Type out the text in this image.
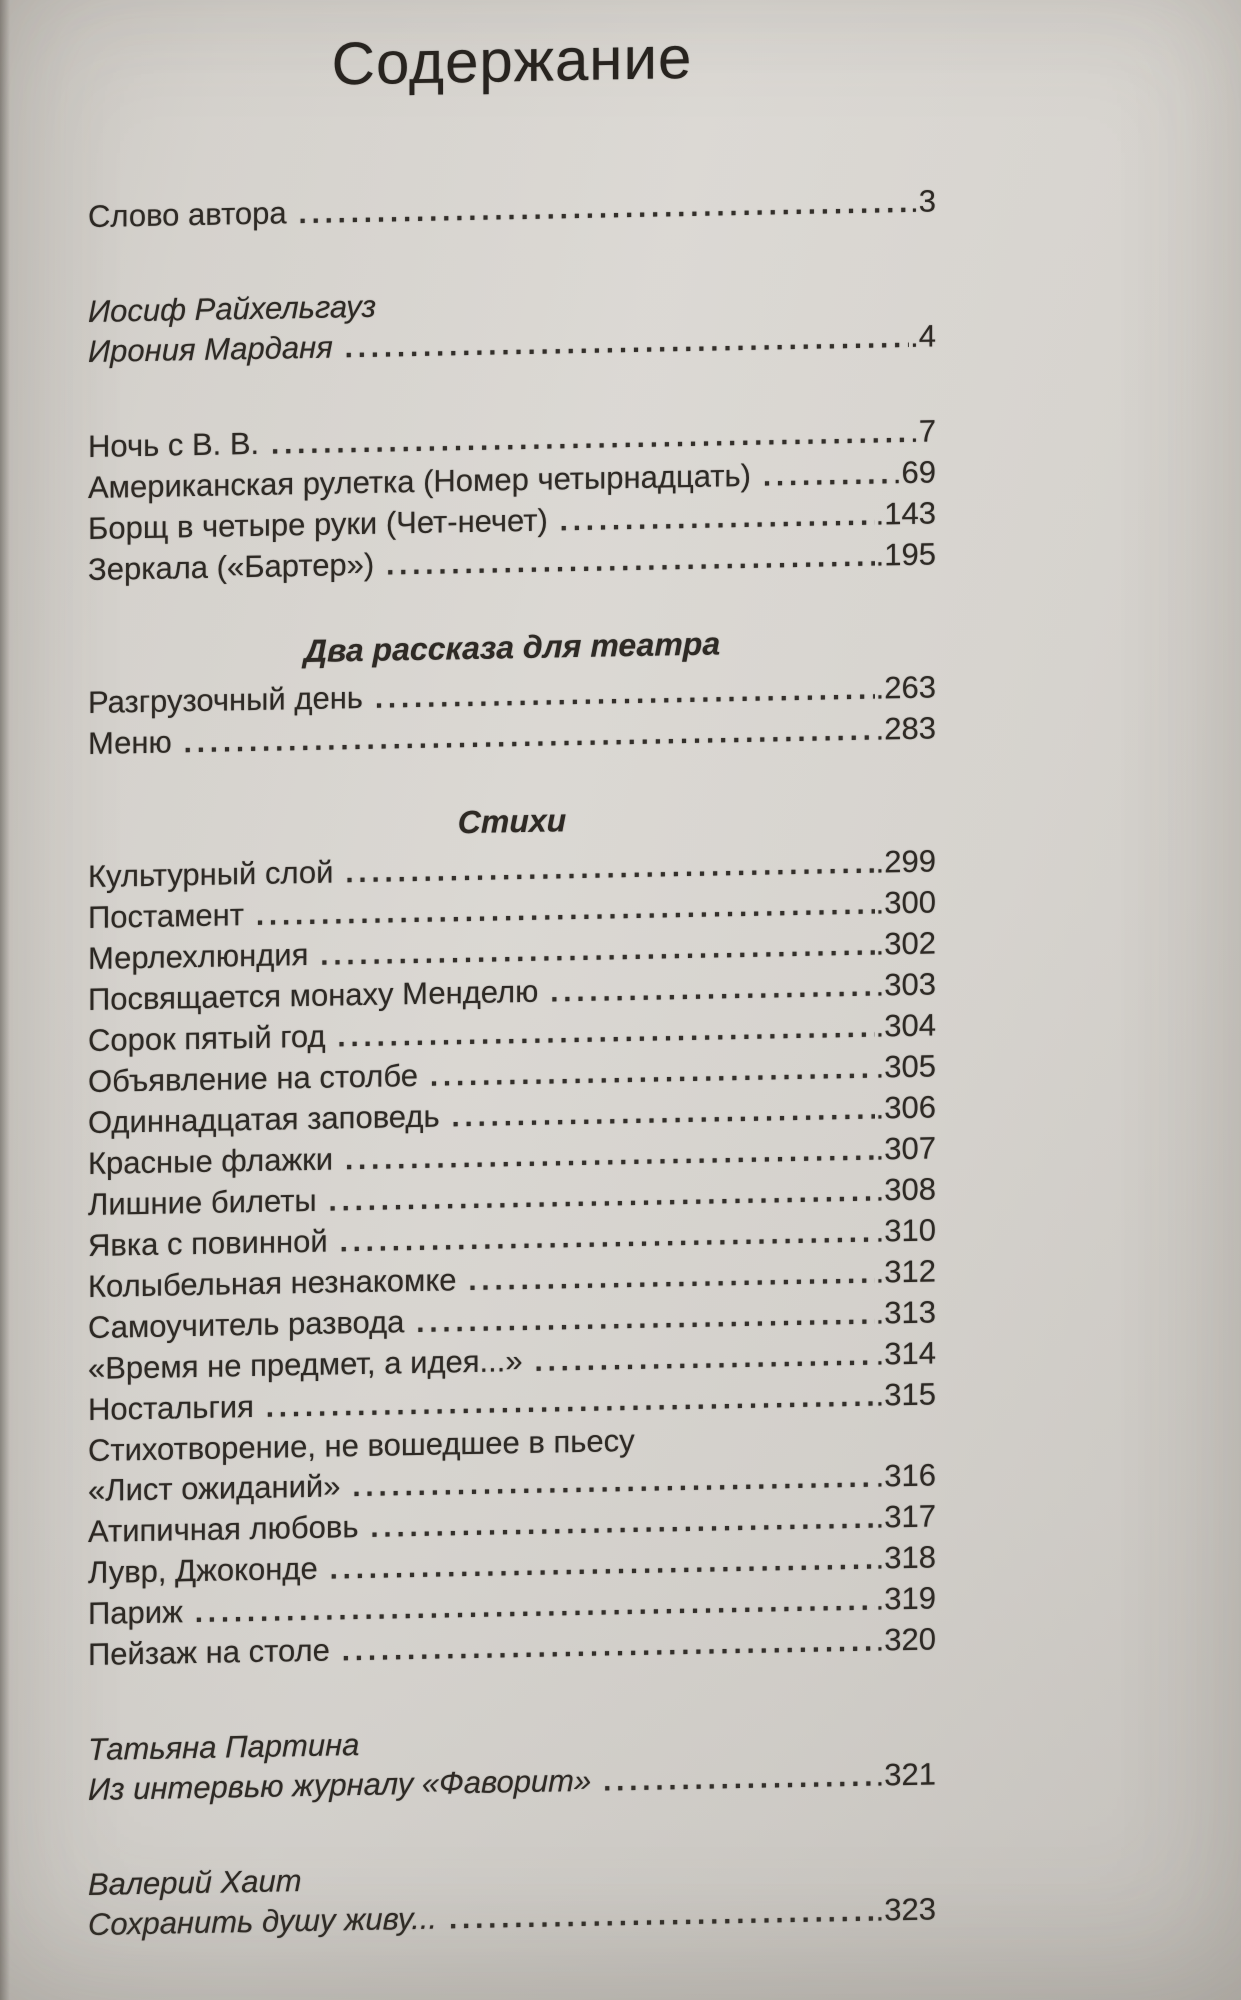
Содержание
Слово автора .....	. 3
Иосиф Райхельгауз
Ирония Марданя .....	. 4
Ночь с В. В. .....	. 7
Американская рулетка (Номер четырнадцать) .....	. 69
Борщ в четыре руки (Чет-нечет) .....	. 143
Зеркала («Бартер») .....	. 195
Два рассказа для театра
Разгрузочный день .....	. 263
Меню .....	. 283
Стихи
Культурный слой .....	. 299
Постамент .....	. 300
Мерлехлюндия .....	. 302
Посвящается монаху Менделю .....	. 303
Сорок пятый год .....	. 304
Объявление на столбе .....	. 305
Одиннадцатая заповедь .....	. 306
Красные флажки .....	. 307
Лишние билеты .....	. 308
Явка с повинной .....	. 310
Колыбельная незнакомке .....	. 312
Самоучитель развода .....	. 313
«Время не предмет, а идея...» .....	. 314
Ностальгия .....	. 315
Стихотворение, не вошедшее в пьесу
«Лист ожиданий» .....	. 316
Атипичная любовь .....	. 317
Лувр, Джоконде .....	. 318
Париж .....	. 319
Пейзаж на столе .....	. 320
Татьяна Партина
Из интервью журналу «Фаворит» .....	. 321
Валерий Хаит
Сохранить душу живу... .....	. 323
